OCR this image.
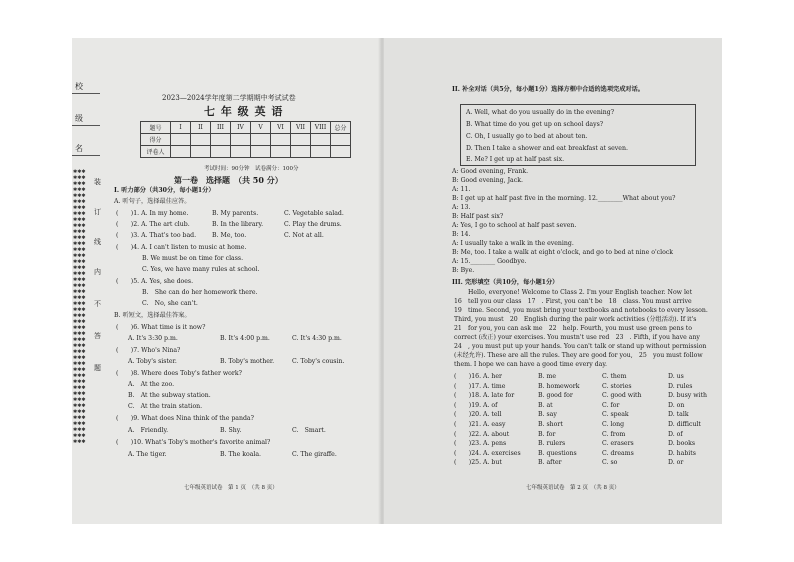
校
级
名
装
订
线
内
不
答
题
✱✱✱
✱✱✱
✱✱✱
✱✱✱
✱✱✱
✱✱✱
✱✱✱
✱✱✱
✱✱✱
✱✱✱
✱✱✱
✱✱✱
✱✱✱
✱✱✱
✱✱✱
✱✱✱
✱✱✱
✱✱✱
✱✱✱
✱✱✱
✱✱✱
✱✱✱
✱✱✱
✱✱✱
✱✱✱
✱✱✱
✱✱✱
✱✱✱
✱✱✱
✱✱✱
✱✱✱
✱✱✱
✱✱✱
✱✱✱
✱✱✱
✱✱✱
✱✱✱
✱✱✱
✱✱✱
✱✱✱
✱✱✱
✱✱✱
✱✱✱
✱✱✱
✱✱✱
✱✱✱
2023—2024学年度第二学期期中考试试卷
七 年 级 英 语
题号	I	II	III	IV	V	VI	VII	VIII	总分
得分									
评卷人									
考试时间：90分钟　试卷满分：100分
第一卷　选择题　（共 50 分）
I. 听力部分（共30分，每小题1分）
A. 听句子，选择最佳应答。
(　　)1. A. In my home.	B. My parents.	C. Vegetable salad.
(　　)2. A. The art club.	B. In the library.	C. Play the drums.
(　　)3. A. That's too bad.	B. Me, too.	C. Not at all.
(　　)4. A. I can't listen to music at home.
B. We must be on time for class.
C. Yes, we have many rules at school.
(　　)5. A. Yes, she does.
B.　She can do her homework there.
C.　No, she can't.
B. 听短文，选择最佳答案。
(　　)6. What time is it now?
A. It's 3:30 p.m.	B. It's 4:00 p.m.	C. It's 4:30 p.m.
(　　)7. Who's Nina?
A. Toby's sister.	B. Toby's mother.	C. Toby's cousin.
(　　)8. Where does Toby's father work?
A.　At the zoo.
B.　At the subway station.
C.　At the train station.
(　　)9. What does Nina think of the panda?
A.　Friendly.	B. Shy.	C.　Smart.
(　　)10. What's Toby's mother's favorite animal?
A. The tiger.	B. The koala.	C. The giraffe.
七年级英语试卷　第 1 页　（共 8 页）
II. 补全对话（共5分，每小题1分）选择方框中合适的选项完成对话。
A. Well, what do you usually do in the evening?
B. What time do you get up on school days?
C. Oh, I usually go to bed at about ten.
D. Then I take a shower and eat breakfast at seven.
E. Me? I get up at half past six.
A: Good evening, Frank.
B: Good evening, Jack.
A: 11.
B: I get up at half past five in the morning. 12.________What about you?
A: 13.
B: Half past six?
A: Yes, I go to school at half past seven.
B: 14.
A: I usually take a walk in the evening.
B: Me, too. I take a walk at eight o'clock, and go to bed at nine o'clock
A: 15.________ Goodbye.
B: Bye.
III. 完形填空（共10分，每小题1分）
Hello, everyone! Welcome to Class 2. I'm your English teacher. Now let
16　tell you our class　17　. First, you can't be　18　class. You must arrive
19　time. Second, you must bring your textbooks and notebooks to every lesson.
Third, you must　20　English during the pair work activities (分组活动). If it's
21　for you, you can ask me　22　help. Fourth, you must use green pens to
correct (改正) your exercises. You mustn't use red　23　. Fifth, if you have any
24　, you must put up your hands. You can't talk or stand up without permission
(未经允许). These are all the rules. They are good for you,　25　you must follow
them. I hope we can have a good time every day.
(　　)16. A. her	B. me	C. them	D. us
(　　)17. A. time	B. homework	C. stories	D. rules
(　　)18. A. late for	B. good for	C. good with	D. busy with
(　　)19. A. of	B. at	C. for	D. on
(　　)20. A. tell	B. say	C. speak	D. talk
(　　)21. A. easy	B. short	C. long	D. difficult
(　　)22. A. about	B. for	C. from	D. of
(　　)23. A. pens	B. rulers	C. erasers	D. books
(　　)24. A. exercises	B. questions	C. dreams	D. habits
(　　)25. A. but	B. after	C. so	D. or
七年级英语试卷　第 2 页　（共 8 页）
